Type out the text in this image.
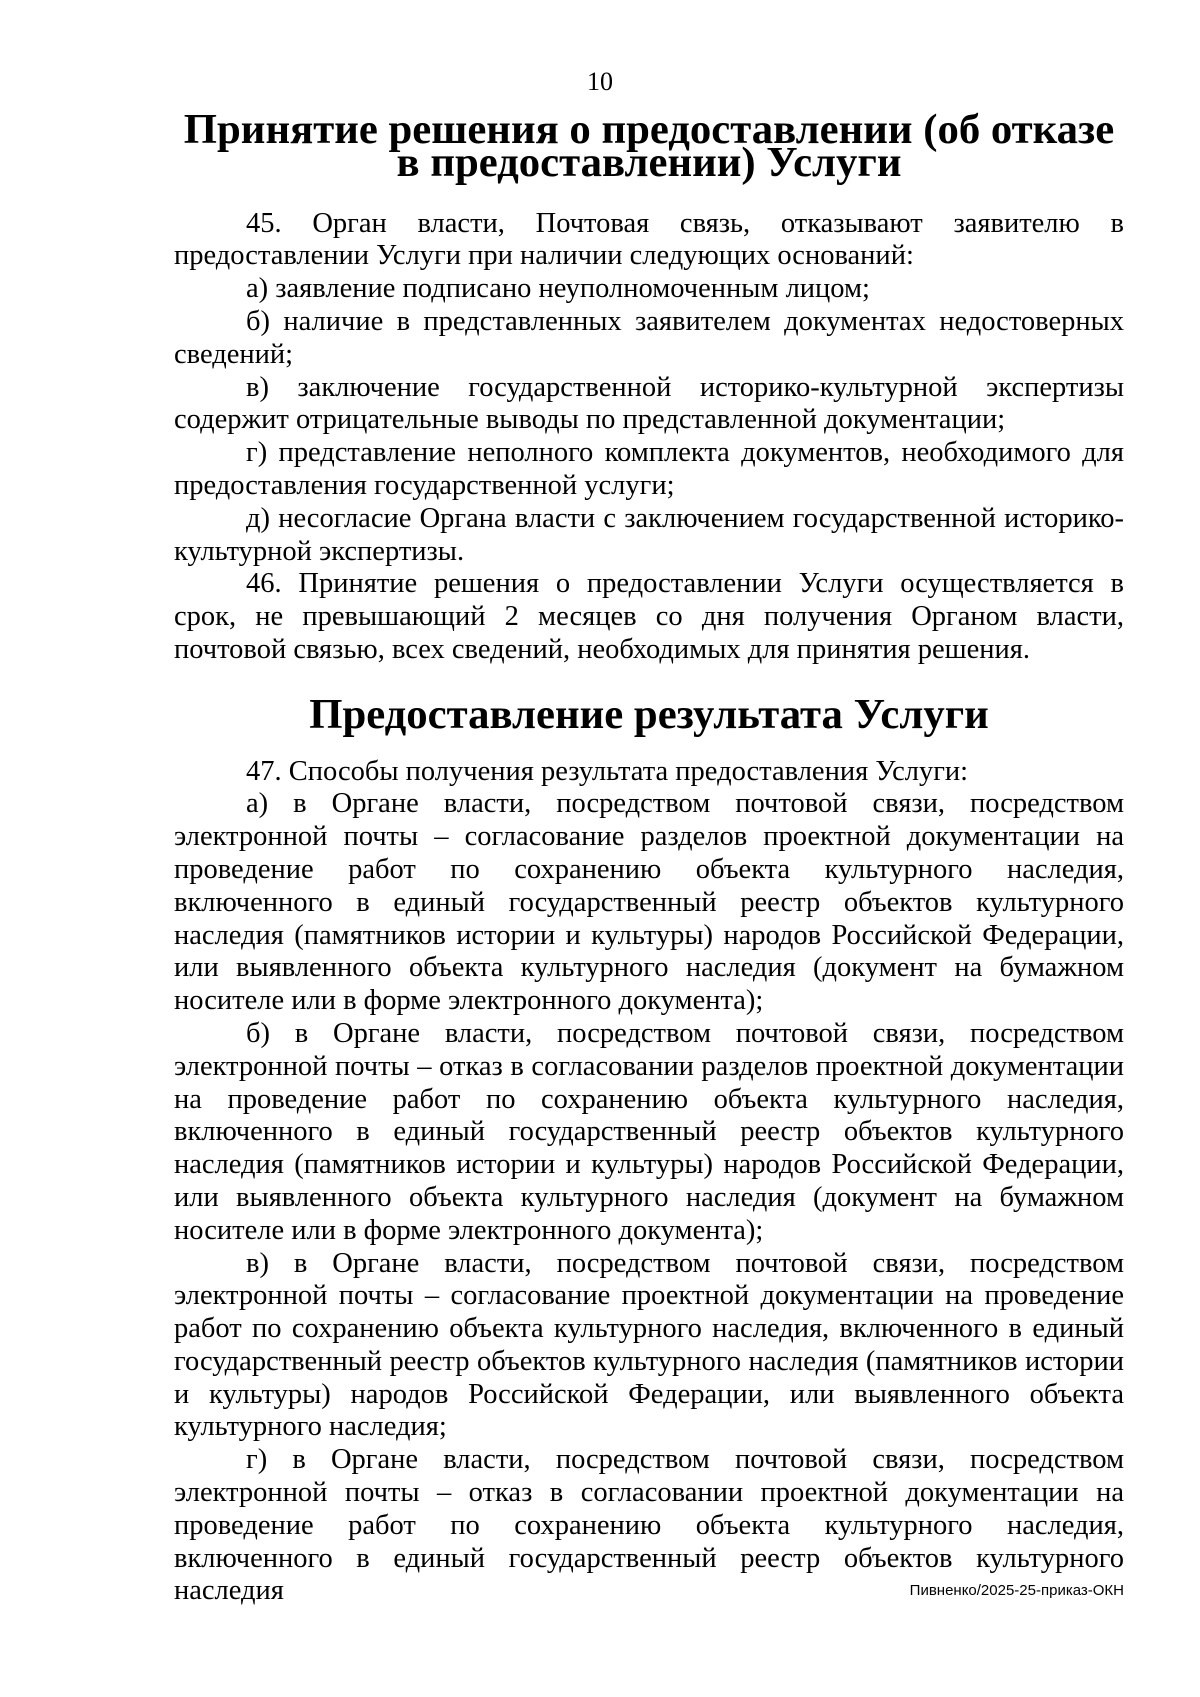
10
Принятие решения о предоставлении (об отказе в предоставлении) Услуги

45. Орган власти, Почтовая связь, отказывают заявителю в предоставлении Услуги при наличии следующих оснований:

а) заявление подписано неуполномоченным лицом;

б) наличие в представленных заявителем документах недостоверных сведений;

в) заключение государственной историко-культурной экспертизы содержит отрицательные выводы по представленной документации;

г) представление неполного комплекта документов, необходимого для предоставления государственной услуги;

д) несогласие Органа власти с заключением государственной историко-культурной экспертизы.

46. Принятие решения о предоставлении Услуги осуществляется в срок, не превышающий 2 месяцев со дня получения Органом власти, почтовой связью, всех сведений, необходимых для принятия решения.

Предоставление результата Услуги

47. Способы получения результата предоставления Услуги:

а) в Органе власти, посредством почтовой связи, посредством электронной почты – согласование разделов проектной документации на проведение работ по сохранению объекта культурного наследия, включенного в единый государственный реестр объектов культурного наследия (памятников истории и культуры) народов Российской Федерации, или выявленного объекта культурного наследия (документ на бумажном носителе или в форме электронного документа);

б) в Органе власти, посредством почтовой связи, посредством электронной почты – отказ в согласовании разделов проектной документации на проведение работ по сохранению объекта культурного наследия, включенного в единый государственный реестр объектов культурного наследия (памятников истории и культуры) народов Российской Федерации, или выявленного объекта культурного наследия (документ на бумажном носителе или в форме электронного документа);

в) в Органе власти, посредством почтовой связи, посредством электронной почты – согласование проектной документации на проведение работ по сохранению объекта культурного наследия, включенного в единый государственный реестр объектов культурного наследия (памятников истории и культуры) народов Российской Федерации, или выявленного объекта культурного наследия;

г) в Органе власти, посредством почтовой связи, посредством электронной почты – отказ в согласовании проектной документации на проведение работ по сохранению объекта культурного наследия, включенного в единый государственный реестр объектов культурного наследия	Пивненко/2025-25-приказ-ОКН
